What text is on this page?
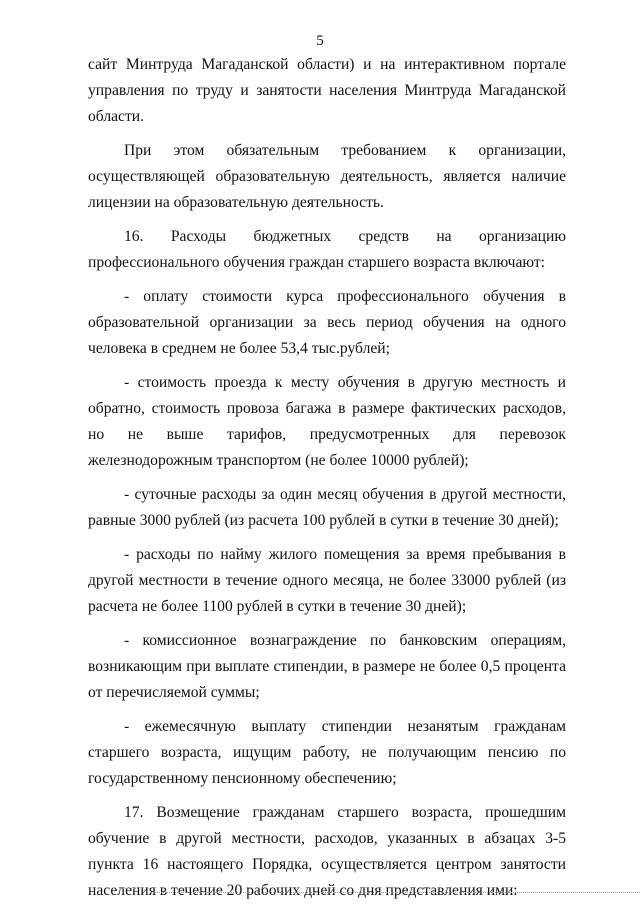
5

сайт Минтруда Магаданской области) и на интерактивном портале управления по труду и занятости населения Минтруда Магаданской области.

При этом обязательным требованием к организации, осуществляющей образовательную деятельность, является наличие лицензии на образовательную деятельность.

16. Расходы бюджетных средств на организацию профессионального обучения граждан старшего возраста включают:

- оплату стоимости курса профессионального обучения в образовательной организации за весь период обучения на одного человека в среднем не более 53,4 тыс.рублей;

- стоимость проезда к месту обучения в другую местность и обратно, стоимость провоза багажа в размере фактических расходов, но не выше тарифов, предусмотренных для перевозок железнодорожным транспортом (не более 10000 рублей);

- суточные расходы за один месяц обучения в другой местности, равные 3000 рублей (из расчета 100 рублей в сутки в течение 30 дней);

- расходы по найму жилого помещения за время пребывания в другой местности в течение одного месяца, не более 33000 рублей (из расчета не более 1100 рублей в сутки в течение 30 дней);

- комиссионное вознаграждение по банковским операциям, возникающим при выплате стипендии, в размере не более 0,5 процента от перечисляемой суммы;

- ежемесячную выплату стипендии незанятым гражданам старшего возраста, ищущим работу, не получающим пенсию по государственному пенсионному обеспечению;

17. Возмещение гражданам старшего возраста, прошедшим обучение в другой местности, расходов, указанных в абзацах 3-5 пункта 16 настоящего Порядка, осуществляется центром занятости населения в течение 20 рабочих дней со дня представления ими:
